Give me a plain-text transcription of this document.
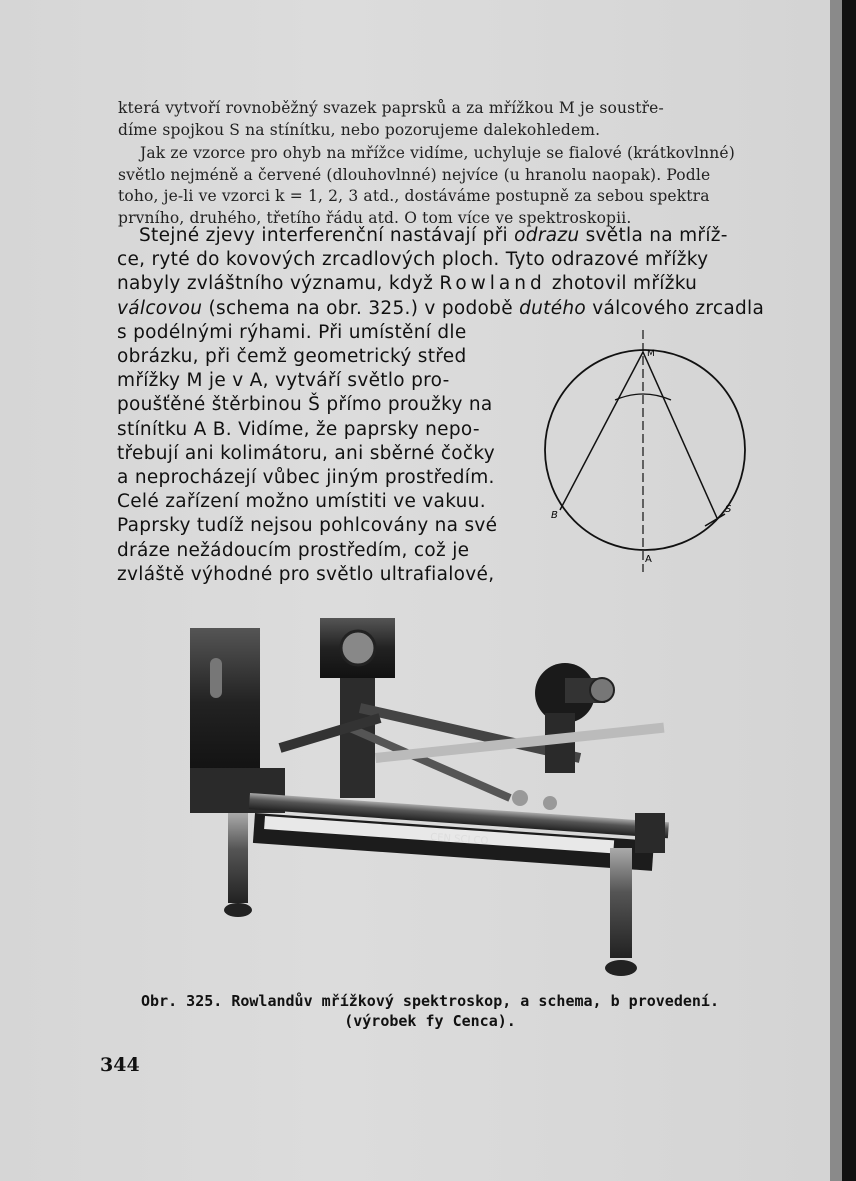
která vytvoří rovnoběžný svazek paprsků a za mřížkou M je soustře-
díme spojkou S na stínítku, nebo pozorujeme dalekohledem.
Jak ze vzorce pro ohyb na mřížce vidíme, uchyluje se fialové (krátkovlnné)
světlo nejméně a červené (dlouhovlnné) nejvíce (u hranolu naopak). Podle
toho, je-li ve vzorci k = 1, 2, 3 atd., dostáváme postupně za sebou spektra
prvního, druhého, třetího řádu atd. O tom více ve spektroskopii.
Stejné zjevy interferenční nastávají při odrazu světla na mříž-
ce, ryté do kovových zrcadlových ploch. Tyto odrazové mřížky
nabyly zvláštního významu, když Rowland zhotovil mřížku
válcovou (schema na obr. 325.) v podobě dutého válcového zrcadla
s podélnými rýhami. Při umístění dle
obrázku, při čemž geometrický střed
mřížky M je v A, vytváří světlo pro-
poušťěné štěrbinou Š přímo proužky na
stínítku A B. Vidíme, že paprsky nepo-
třebují ani kolimátoru, ani sběrné čočky
a neprocházejí vůbec jiným prostředím.
Celé zařízení možno umístiti ve vakuu.
Paprsky tudíž nejsou pohlcovány na své
dráze nežádoucím prostředím, což je
zvláště výhodné pro světlo ultrafialové,
M
A
B
S
CEN SCI CO
Obr. 325. Rowlandův mřížkový spektroskop, a schema, b provedení.
(výrobek fy Cenca).
344
